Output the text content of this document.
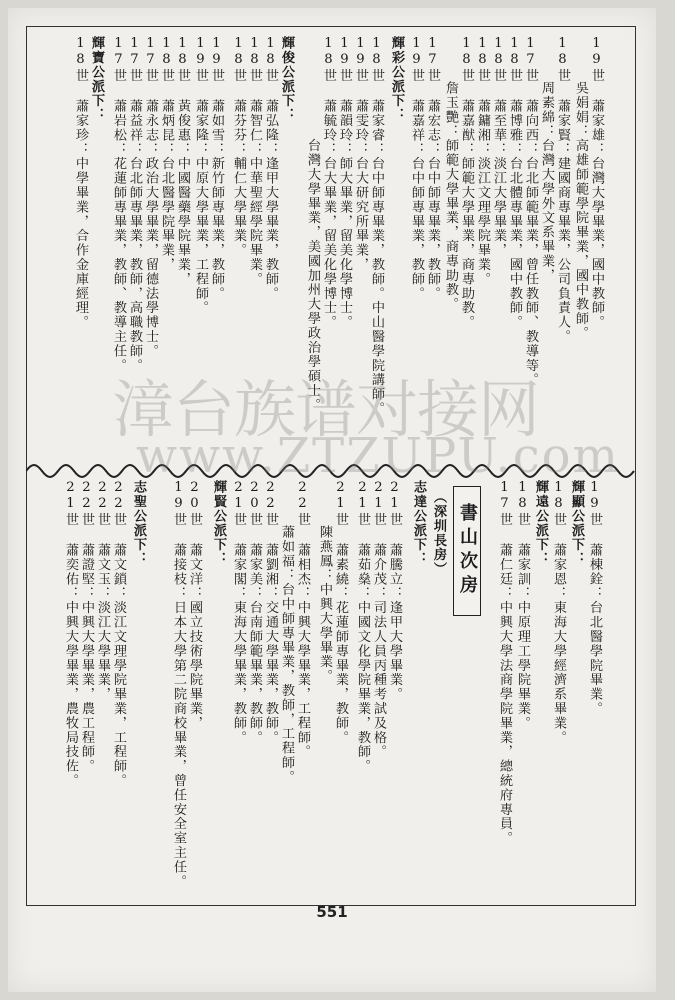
19世 蕭家雄：台灣大學畢業，國中教師。
　　 吳娟娟：高雄師範學院畢業，國中教師。
18世 蕭家賢：建國商專畢業，公司負責人。
　　 周素綿：台灣大學外文系畢業，
17世 蕭向西：台北師範畢業，曾任教師、教導等。
18世 蕭博雅：台北體專畢業，國中教師。
18世 蕭至華：淡江大學畢業，
18世 蕭鏞湘：淡江文理學院畢業。
18世 蕭嘉猷：師範大學畢業，商專助教。
　　 詹玉艷：師範大學畢業，商專助教。
17世 蕭宏志：台中師專畢業，教師。
19世 蕭嘉祥：台中師專畢業，教師。
輝彩公派下：
18世 蕭家睿：台中師專畢業，教師。中山醫學院講師。
19世 蕭雯玲：台大研究所畢業，
19世 蕭韻玲：師大畢業，留美化學博士。
18世 蕭毓玲：台大畢業，留美化學博士。
　　 　　　　台灣大學畢業，美國加州大學政治學碩士。
輝俊公派下：
18世 蕭弘隆：逢甲大學畢業，教師。
18世 蕭智仁：中華聖經學院畢業。
18世 蕭芬芬：輔仁大學畢業。
19世 蕭如雪：新竹師專畢業，教師。
19世 蕭家隆：中原大學畢業，工程師。
18世 黃俊惠：中國醫藥學院畢業，
18世 蕭炳昆：台北醫學院畢業，
17世 蕭永志：政治大學畢業，留德法學博士。
17世 蕭益祥：台北師專畢業，教師，高職教師。
17世 蕭岩松：花蓮師專畢業，教師、教導主任。
輝寶公派下：
18世 蕭家珍：中學畢業，合作金庫經理。
書山次房
（深圳長房）	19世 蕭棟銓：台北醫學院畢業。
輝顯公派下：
18世 蕭家恩：東海大學經濟系畢業。
輝遠公派下：
18世 蕭家訓：中原理工學院畢業。
17世 蕭仁廷：中興大學法商學院畢業，總統府專員。
志達公派下：
21世 蕭騰立：逢甲大學畢業。
21世 蕭介茂：司法人員丙種考試及格。
21世 蕭茹燊：中國文化學院畢業，教師。
21世 蕭素繞：花蓮師專畢業，教師。
　　 陳燕鳳：中興大學畢業。
22世 蕭相杰：中興大學畢業，工程師。
　　 蕭如福：台中師專畢業，教師，工程師。
22世 蕭劉湘：交通大學畢業，教師。
20世 蕭家美：台南師範畢業，教師。
21世 蕭家閣：東海大學畢業，教師。
輝賢公派下：
20世 蕭文洋：國立技術學院畢業，
19世 蕭接枝：日本大學第二院商校畢業，曾任安全室主任。
志聖公派下：
22世 蕭文鎖：淡江文理學院畢業，工程師。
22世 蕭文玉：淡江大學畢業，
22世 蕭證堅：中興大學畢業，農工程師。
21世 蕭奕佑：中興大學畢業，農牧局技佐。
漳台族谱对接网
www.ZTZUPU.com
551
